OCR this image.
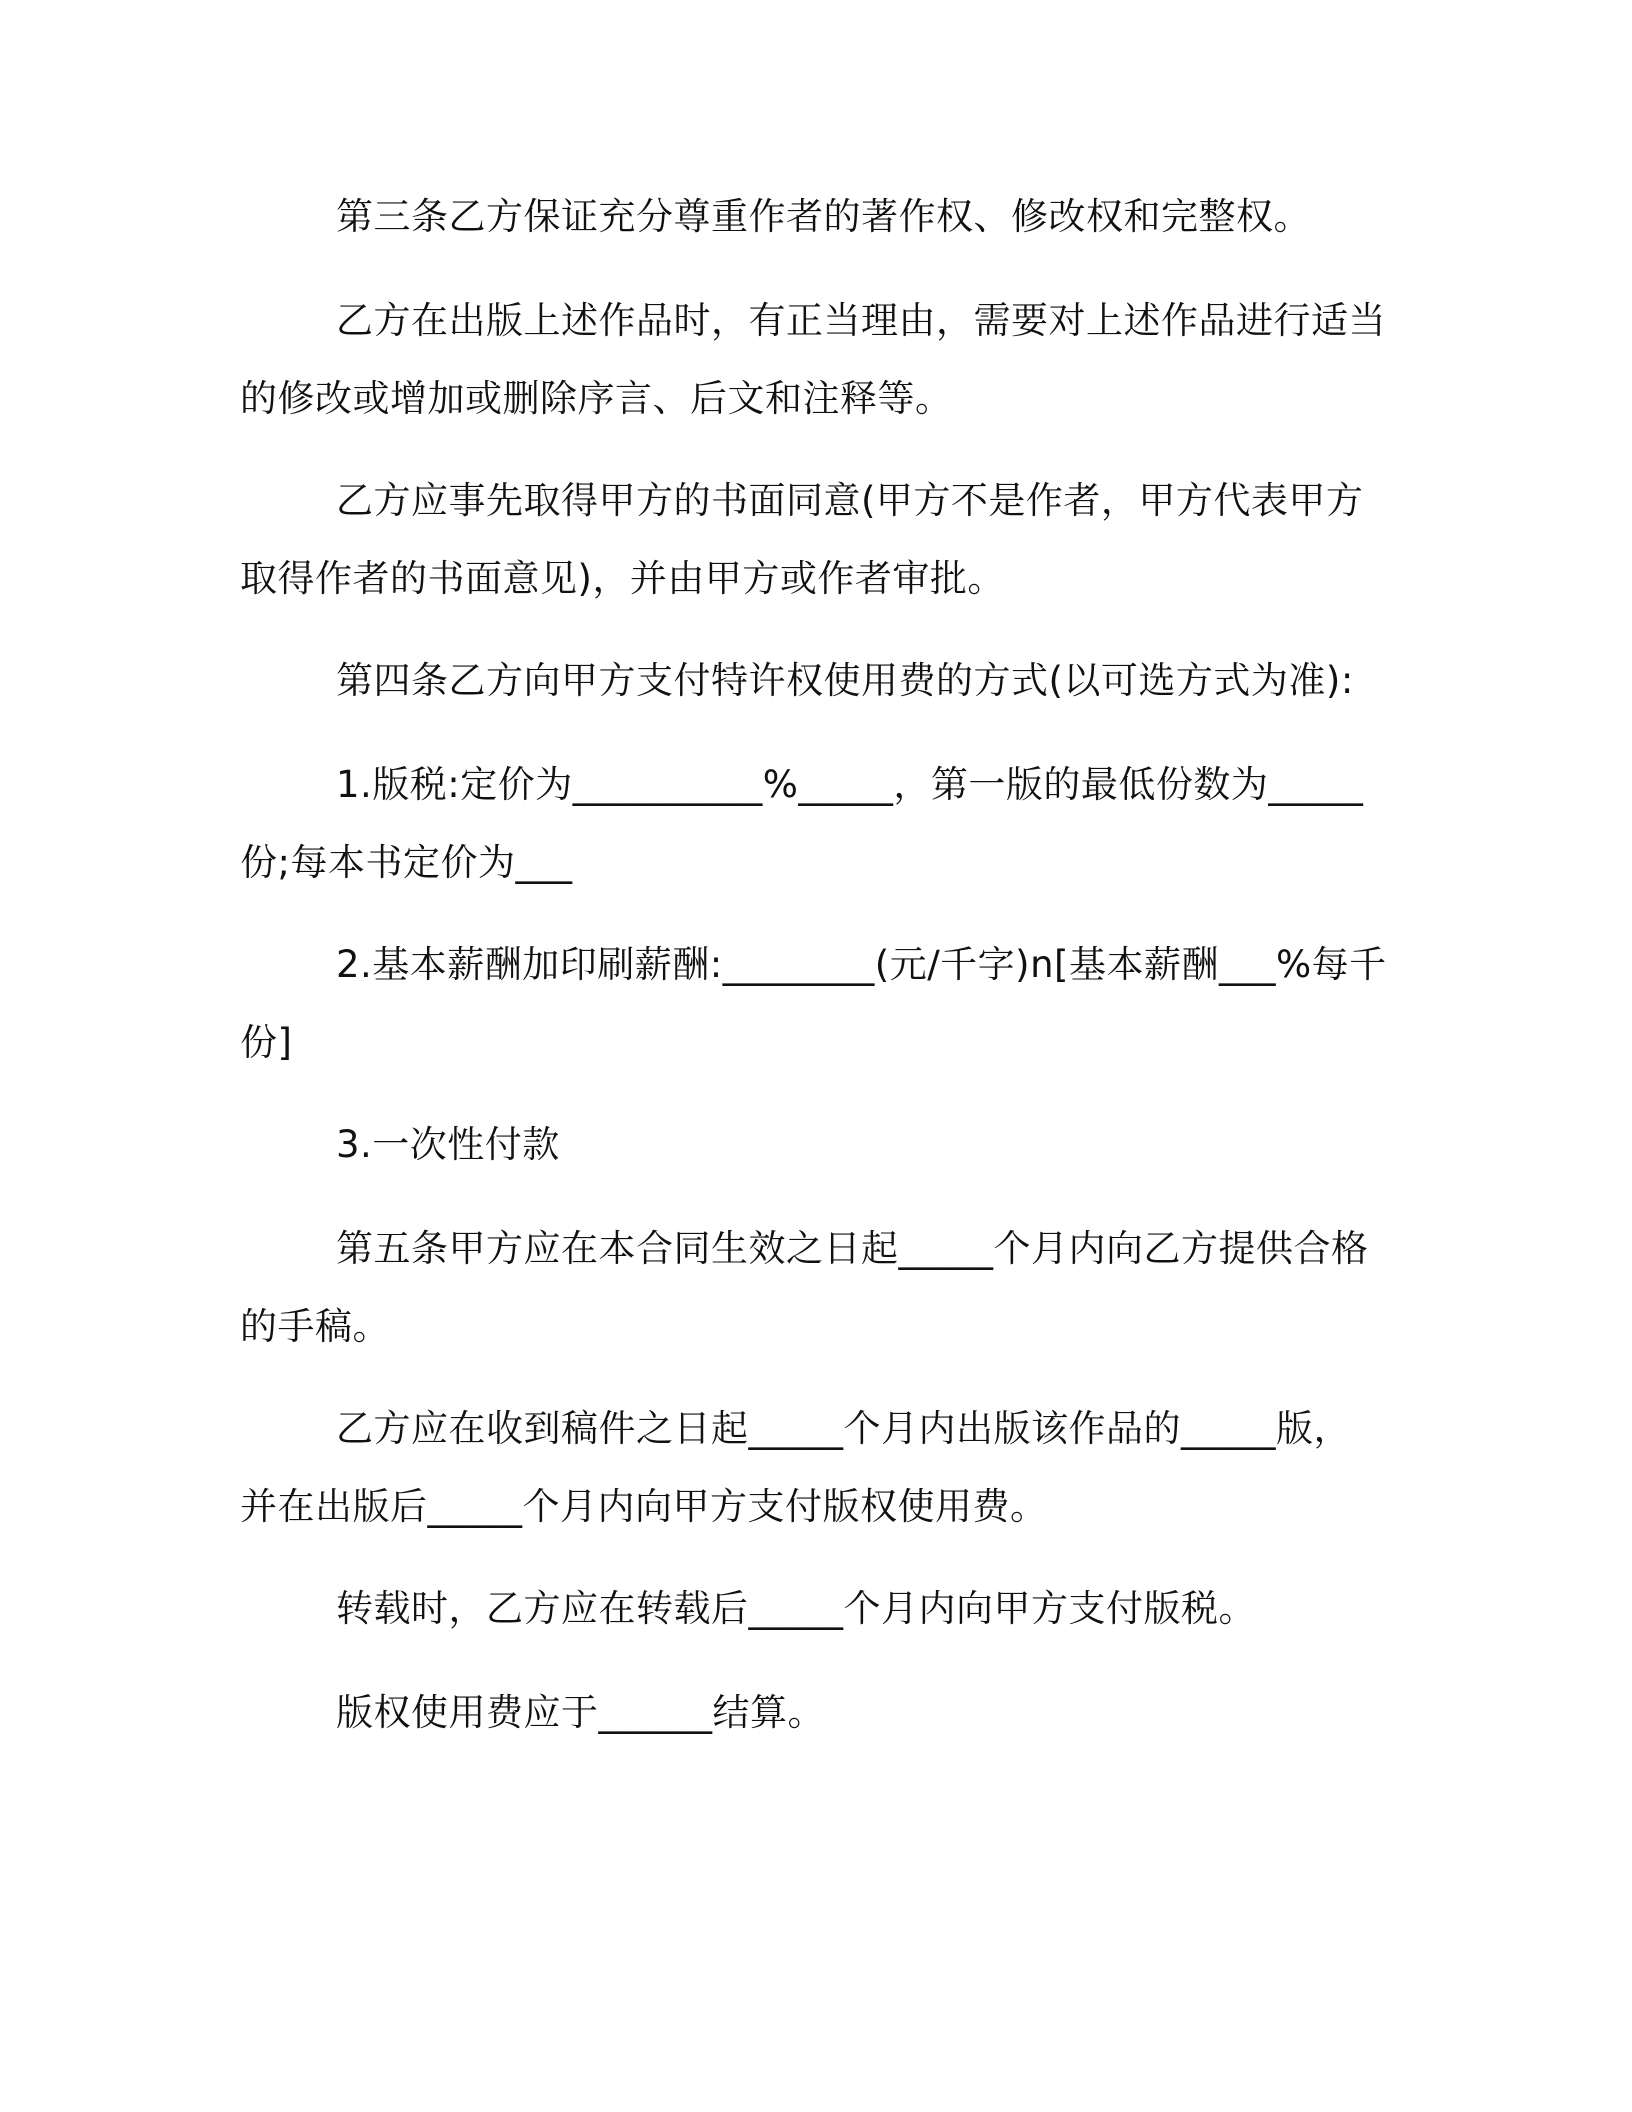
第三条乙方保证充分尊重作者的著作权、修改权和完整权。
乙方在出版上述作品时，有正当理由，需要对上述作品进行适当
的修改或增加或删除序言、后文和注释等。
乙方应事先取得甲方的书面同意(甲方不是作者，甲方代表甲方
取得作者的书面意见)，并由甲方或作者审批。
第四条乙方向甲方支付特许权使用费的方式(以可选方式为准):
1.版税:定价为__________%_____，第一版的最低份数为_____
份;每本书定价为___
2.基本薪酬加印刷薪酬:________(元/千字)n[基本薪酬___%每千
份]
3.一次性付款
第五条甲方应在本合同生效之日起_____个月内向乙方提供合格
的手稿。
乙方应在收到稿件之日起_____个月内出版该作品的_____版，
并在出版后_____个月内向甲方支付版权使用费。
转载时，乙方应在转载后_____个月内向甲方支付版税。
版权使用费应于______结算。
